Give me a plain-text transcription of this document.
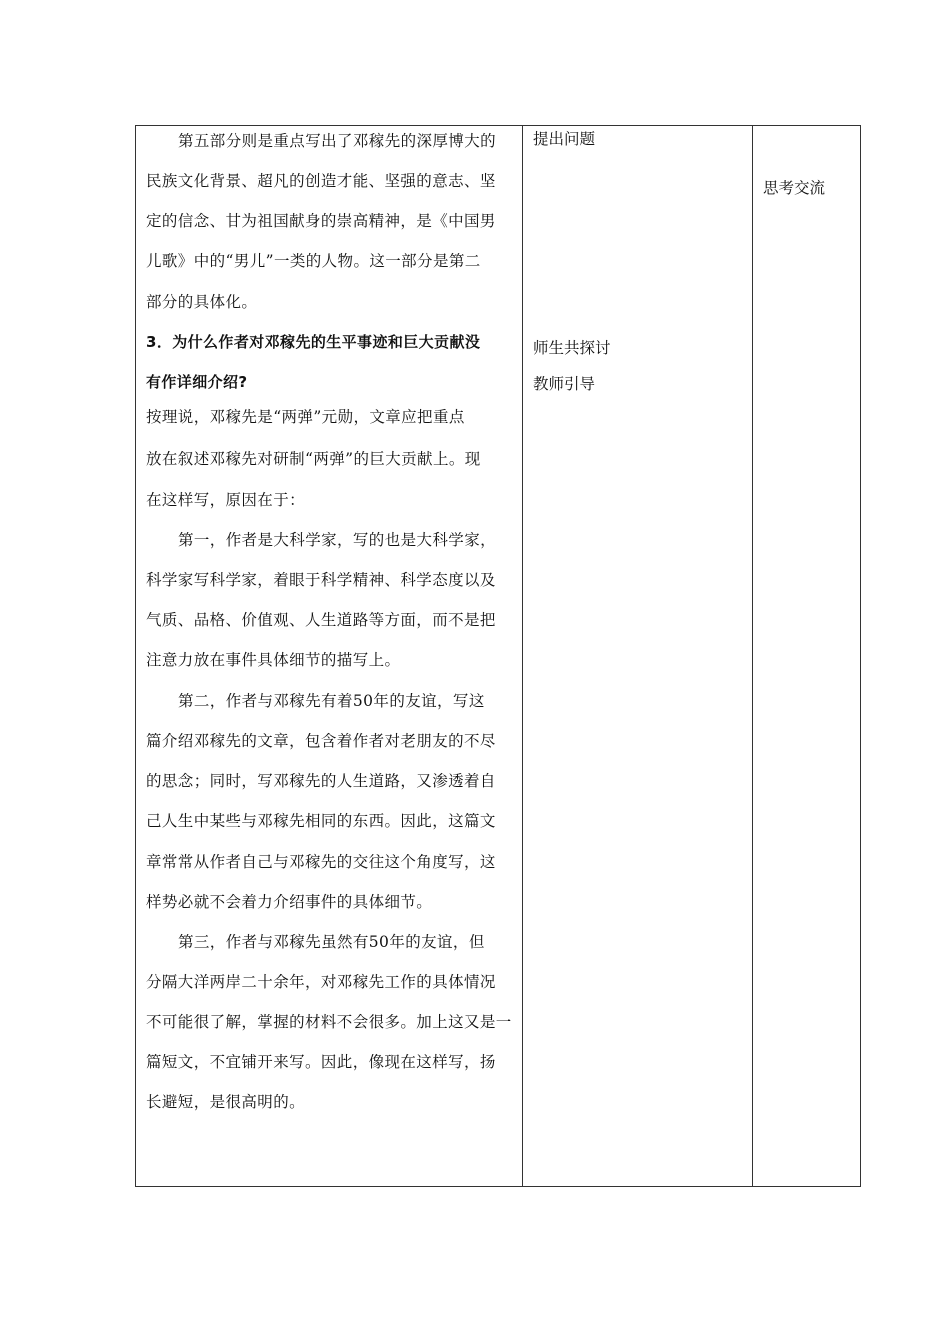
第五部分则是重点写出了邓稼先的深厚博大的
民族文化背景、超凡的创造才能、坚强的意志、坚
定的信念、甘为祖国献身的崇高精神，是《中国男
儿歌》中的“男儿”一类的人物。这一部分是第二
部分的具体化。
3．为什么作者对邓稼先的生平事迹和巨大贡献没
有作详细介绍?
按理说，邓稼先是“两弹”元勋，文章应把重点
放在叙述邓稼先对研制“两弹”的巨大贡献上。现
在这样写，原因在于：
第一，作者是大科学家，写的也是大科学家，
科学家写科学家，着眼于科学精神、科学态度以及
气质、品格、价值观、人生道路等方面，而不是把
注意力放在事件具体细节的描写上。
第二，作者与邓稼先有着50年的友谊，写这
篇介绍邓稼先的文章，包含着作者对老朋友的不尽
的思念；同时，写邓稼先的人生道路，又渗透着自
己人生中某些与邓稼先相同的东西。因此，这篇文
章常常从作者自己与邓稼先的交往这个角度写，这
样势必就不会着力介绍事件的具体细节。
第三，作者与邓稼先虽然有50年的友谊，但
分隔大洋两岸二十余年，对邓稼先工作的具体情况
不可能很了解，掌握的材料不会很多。加上这又是一
篇短文，不宜铺开来写。因此，像现在这样写，扬
长避短，是很高明的。
提出问题
师生共探讨
教师引导
思考交流
